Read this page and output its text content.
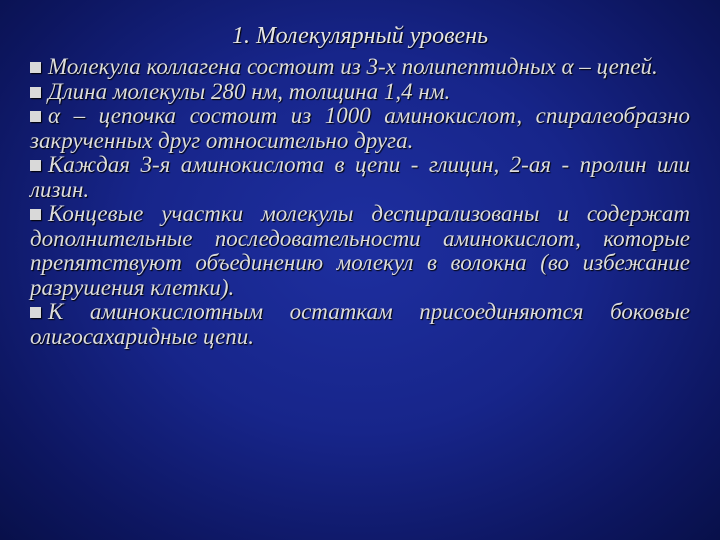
1. Молекулярный уровень

Молекула коллагена состоит из 3-х полипептидных α – цепей.

Длина молекулы 280 нм, толщина 1,4 нм.

α – цепочка состоит из 1000 аминокислот, спиралеобразно закрученных друг относительно друга.

Каждая 3-я аминокислота в цепи - глицин, 2-ая - пролин или лизин.

Концевые участки молекулы деспирализованы и содержат дополнительные последовательности аминокислот, которые препятствуют объединению молекул в волокна (во избежание разрушения клетки).

К аминокислотным остаткам присоединяются боковые олигосахаридные цепи.
